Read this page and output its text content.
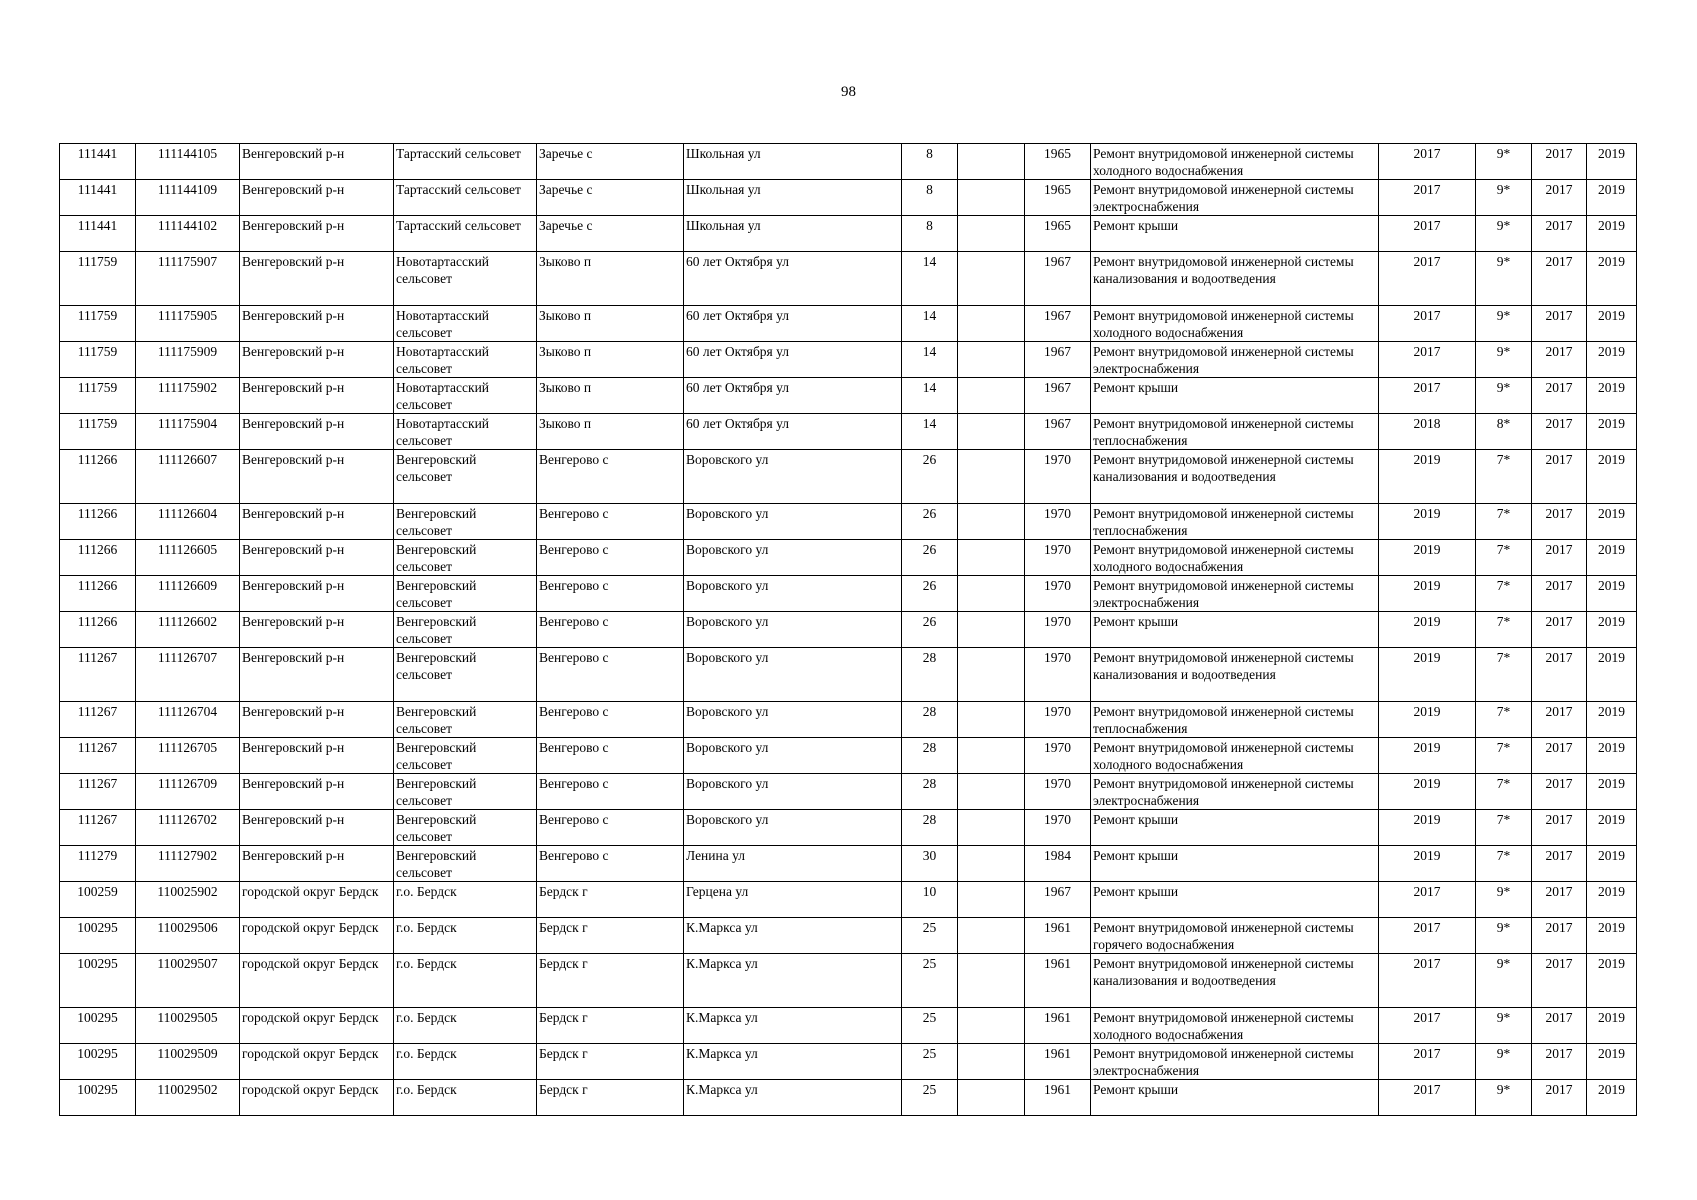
98
111441	111144105	Венгеровский р-н	Тартасский сельсовет	Заречье с	Школьная ул	8		1965	Ремонт внутридомовой инженерной системы холодного водоснабжения	2017	9*	2017	2019
111441	111144109	Венгеровский р-н	Тартасский сельсовет	Заречье с	Школьная ул	8		1965	Ремонт внутридомовой инженерной системы электроснабжения	2017	9*	2017	2019
111441	111144102	Венгеровский р-н	Тартасский сельсовет	Заречье с	Школьная ул	8		1965	Ремонт крыши	2017	9*	2017	2019
111759	111175907	Венгеровский р-н	Новотартасский сельсовет	Зыково п	60 лет Октября ул	14		1967	Ремонт внутридомовой инженерной системы канализования и водоотведения	2017	9*	2017	2019
111759	111175905	Венгеровский р-н	Новотартасский сельсовет	Зыково п	60 лет Октября ул	14		1967	Ремонт внутридомовой инженерной системы холодного водоснабжения	2017	9*	2017	2019
111759	111175909	Венгеровский р-н	Новотартасский сельсовет	Зыково п	60 лет Октября ул	14		1967	Ремонт внутридомовой инженерной системы электроснабжения	2017	9*	2017	2019
111759	111175902	Венгеровский р-н	Новотартасский сельсовет	Зыково п	60 лет Октября ул	14		1967	Ремонт крыши	2017	9*	2017	2019
111759	111175904	Венгеровский р-н	Новотартасский сельсовет	Зыково п	60 лет Октября ул	14		1967	Ремонт внутридомовой инженерной системы теплоснабжения	2018	8*	2017	2019
111266	111126607	Венгеровский р-н	Венгеровский сельсовет	Венгерово с	Воровского ул	26		1970	Ремонт внутридомовой инженерной системы канализования и водоотведения	2019	7*	2017	2019
111266	111126604	Венгеровский р-н	Венгеровский сельсовет	Венгерово с	Воровского ул	26		1970	Ремонт внутридомовой инженерной системы теплоснабжения	2019	7*	2017	2019
111266	111126605	Венгеровский р-н	Венгеровский сельсовет	Венгерово с	Воровского ул	26		1970	Ремонт внутридомовой инженерной системы холодного водоснабжения	2019	7*	2017	2019
111266	111126609	Венгеровский р-н	Венгеровский сельсовет	Венгерово с	Воровского ул	26		1970	Ремонт внутридомовой инженерной системы электроснабжения	2019	7*	2017	2019
111266	111126602	Венгеровский р-н	Венгеровский сельсовет	Венгерово с	Воровского ул	26		1970	Ремонт крыши	2019	7*	2017	2019
111267	111126707	Венгеровский р-н	Венгеровский сельсовет	Венгерово с	Воровского ул	28		1970	Ремонт внутридомовой инженерной системы канализования и водоотведения	2019	7*	2017	2019
111267	111126704	Венгеровский р-н	Венгеровский сельсовет	Венгерово с	Воровского ул	28		1970	Ремонт внутридомовой инженерной системы теплоснабжения	2019	7*	2017	2019
111267	111126705	Венгеровский р-н	Венгеровский сельсовет	Венгерово с	Воровского ул	28		1970	Ремонт внутридомовой инженерной системы холодного водоснабжения	2019	7*	2017	2019
111267	111126709	Венгеровский р-н	Венгеровский сельсовет	Венгерово с	Воровского ул	28		1970	Ремонт внутридомовой инженерной системы электроснабжения	2019	7*	2017	2019
111267	111126702	Венгеровский р-н	Венгеровский сельсовет	Венгерово с	Воровского ул	28		1970	Ремонт крыши	2019	7*	2017	2019
111279	111127902	Венгеровский р-н	Венгеровский сельсовет	Венгерово с	Ленина ул	30		1984	Ремонт крыши	2019	7*	2017	2019
100259	110025902	городской округ Бердск	г.о. Бердск	Бердск г	Герцена ул	10		1967	Ремонт крыши	2017	9*	2017	2019
100295	110029506	городской округ Бердск	г.о. Бердск	Бердск г	К.Маркса ул	25		1961	Ремонт внутридомовой инженерной системы горячего водоснабжения	2017	9*	2017	2019
100295	110029507	городской округ Бердск	г.о. Бердск	Бердск г	К.Маркса ул	25		1961	Ремонт внутридомовой инженерной системы канализования и водоотведения	2017	9*	2017	2019
100295	110029505	городской округ Бердск	г.о. Бердск	Бердск г	К.Маркса ул	25		1961	Ремонт внутридомовой инженерной системы холодного водоснабжения	2017	9*	2017	2019
100295	110029509	городской округ Бердск	г.о. Бердск	Бердск г	К.Маркса ул	25		1961	Ремонт внутридомовой инженерной системы электроснабжения	2017	9*	2017	2019
100295	110029502	городской округ Бердск	г.о. Бердск	Бердск г	К.Маркса ул	25		1961	Ремонт крыши	2017	9*	2017	2019
